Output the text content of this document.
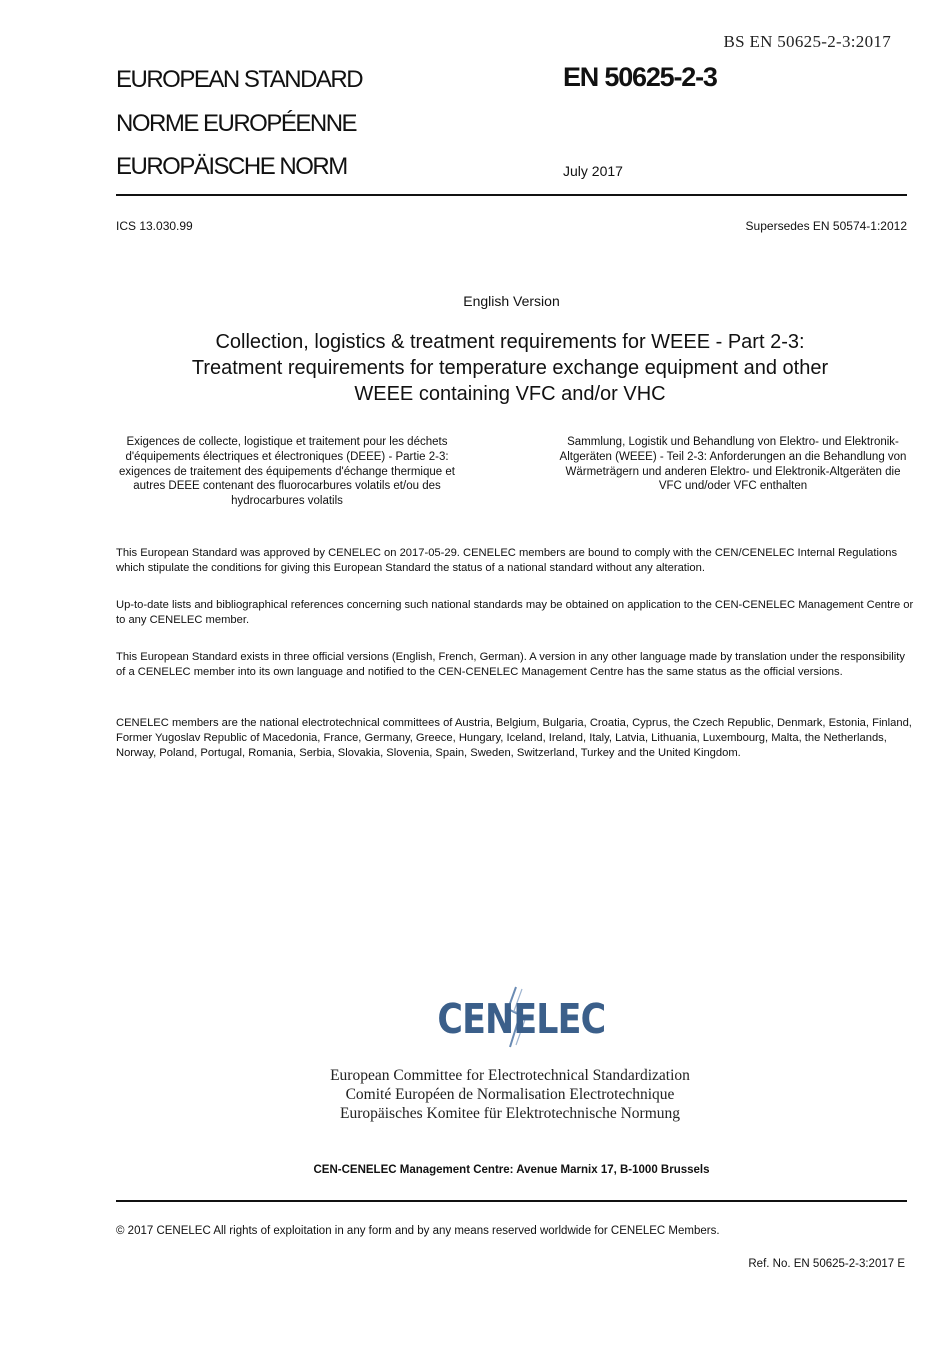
BS EN 50625-2-3:2017
EUROPEAN STANDARD
NORME EUROPÉENNE
EUROPÄISCHE NORM
EN 50625-2-3
July 2017
ICS 13.030.99	Supersedes EN 50574-1:2012
English Version
Collection, logistics & treatment requirements for WEEE - Part 2-3: Treatment requirements for temperature exchange equipment and other WEEE containing VFC and/or VHC
Exigences de collecte, logistique et traitement pour les déchets d'équipements électriques et électroniques (DEEE) - Partie 2-3: exigences de traitement des équipements d'échange thermique et autres DEEE contenant des fluorocarbures volatils et/ou des hydrocarbures volatils
Sammlung, Logistik und Behandlung von Elektro- und Elektronik-Altgeräten (WEEE) - Teil 2-3: Anforderungen an die Behandlung von Wärmeträgern und anderen Elektro- und Elektronik-Altgeräten die VFC und/oder VFC enthalten

This European Standard was approved by CENELEC on 2017-05-29. CENELEC members are bound to comply with the CEN/CENELEC Internal Regulations which stipulate the conditions for giving this European Standard the status of a national standard without any alteration.

Up-to-date lists and bibliographical references concerning such national standards may be obtained on application to the CEN-CENELEC Management Centre or to any CENELEC member.

This European Standard exists in three official versions (English, French, German). A version in any other language made by translation under the responsibility of a CENELEC member into its own language and notified to the CEN-CENELEC Management Centre has the same status as the official versions.

CENELEC members are the national electrotechnical committees of Austria, Belgium, Bulgaria, Croatia, Cyprus, the Czech Republic, Denmark, Estonia, Finland, Former Yugoslav Republic of Macedonia, France, Germany, Greece, Hungary, Iceland, Ireland, Italy, Latvia, Lithuania, Luxembourg, Malta, the Netherlands, Norway, Poland, Portugal, Romania, Serbia, Slovakia, Slovenia, Spain, Sweden, Switzerland, Turkey and the United Kingdom.

CENELEC
European Committee for Electrotechnical Standardization
Comité Européen de Normalisation Electrotechnique
Europäisches Komitee für Elektrotechnische Normung
CEN-CENELEC Management Centre: Avenue Marnix 17, B-1000 Brussels
© 2017 CENELEC All rights of exploitation in any form and by any means reserved worldwide for CENELEC Members.
Ref. No. EN 50625-2-3:2017 E
